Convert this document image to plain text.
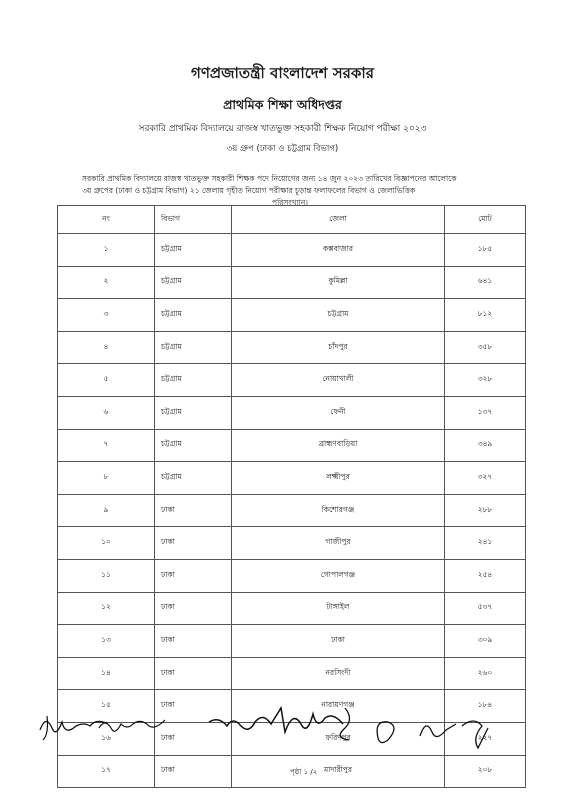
গণপ্রজাতন্ত্রী বাংলাদেশ সরকার
প্রাথমিক শিক্ষা অধিদপ্তর
সরকারি প্রাথমিক বিদ্যালয়ে রাজস্ব খাতভুক্ত সহকারী শিক্ষক নিয়োগ পরীক্ষা ২০২৩
৩য় গ্রুপ (ঢাকা ও চট্টগ্রাম বিভাগ)
সরকারি প্রাথমিক বিদ্যালয়ে রাজস্ব খাতভুক্ত সহকারী শিক্ষক পদে নিয়োগের জন্য ১৪ জুন ২০২৩ তারিখের বিজ্ঞাপনের আলোকে
৩য় গ্রুপের (ঢাকা ও চট্টগ্রাম বিভাগ) ২১ জেলায় গৃহীত নিয়োগ পরীক্ষার চূড়ান্ত ফলাফলের বিভাগ ও জেলাভিত্তিক

পরিসংখ্যান।
নং	বিভাগ	জেলা	মোট
১	চট্টগ্রাম	কক্সবাজার	১৮৫
২	চট্টগ্রাম	কুমিল্লা	৬৪১
৩	চট্টগ্রাম	চট্টগ্রাম	৮১২
৪	চট্টগ্রাম	চাঁদপুর	৩৫৮
৫	চট্টগ্রাম	নোয়াখালী	৩২৮
৬	চট্টগ্রাম	ফেনী	১৩৭
৭	চট্টগ্রাম	ব্রাহ্মণবাড়িয়া	৩৪৯
৮	চট্টগ্রাম	লক্ষ্মীপুর	৩২৭
৯	ঢাকা	কিশোরগঞ্জ	২৮৮
১০	ঢাকা	গাজীপুর	২৪১
১১	ঢাকা	গোপালগঞ্জ	২৫৪
১২	ঢাকা	টাঙ্গাইল	৫৩৭
১৩	ঢাকা	ঢাকা	৩০৯
১৪	ঢাকা	নরসিংদী	২৬০
১৫	ঢাকা	নারায়ণগঞ্জ	১৮৪
১৬	ঢাকা	ফরিদপুর	২২৭
১৭	ঢাকা	মাদারীপুর	২০৮
পৃষ্ঠা ১ /২
